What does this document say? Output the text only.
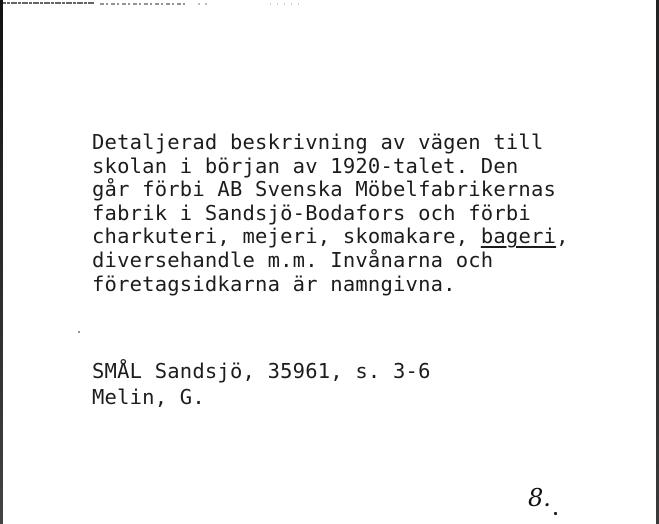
Detaljerad beskrivning av vägen till
skolan i början av 1920-talet. Den
går förbi AB Svenska Möbelfabrikernas
fabrik i Sandsjö-Bodafors och förbi
charkuteri, mejeri, skomakare, bageri,
diversehandle m.m. Invånarna och
företagsidkarna är namngivna.
SMÅL Sandsjö, 35961, s. 3-6
Melin, G.
8.
